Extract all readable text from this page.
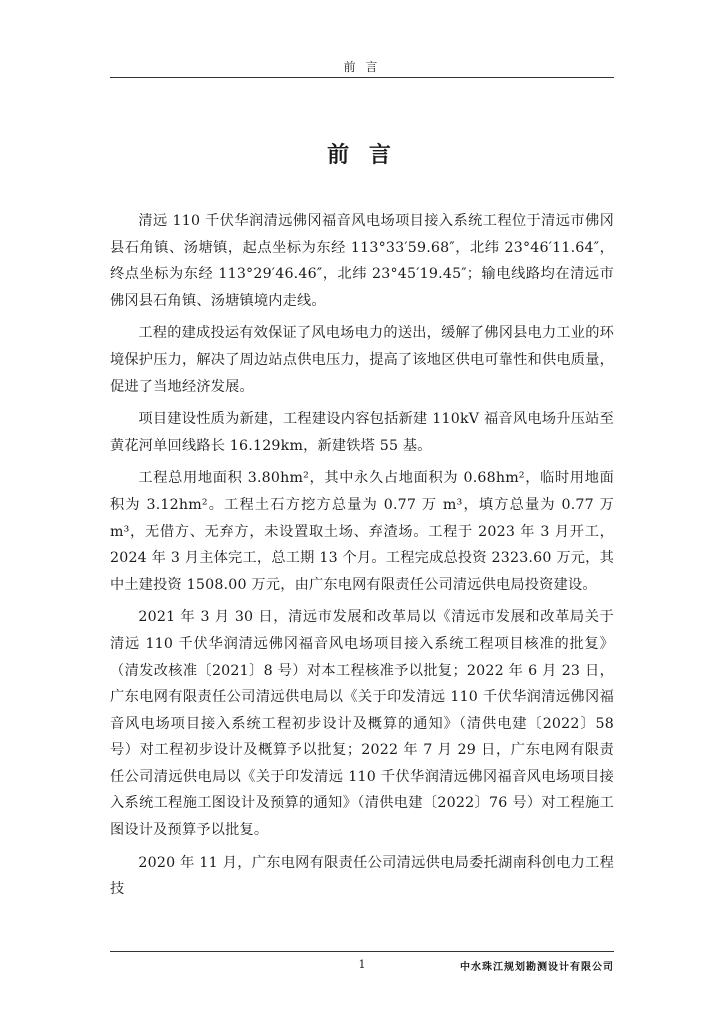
前 言
前 言

清远 110 千伏华润清远佛冈福音风电场项目接入系统工程位于清远市佛冈县石角镇、汤塘镇，起点坐标为东经 113°33′59.68″，北纬 23°46′11.64″，终点坐标为东经 113°29′46.46″，北纬 23°45′19.45″；输电线路均在清远市佛冈县石角镇、汤塘镇境内走线。

工程的建成投运有效保证了风电场电力的送出，缓解了佛冈县电力工业的环境保护压力，解决了周边站点供电压力，提高了该地区供电可靠性和供电质量，促进了当地经济发展。

项目建设性质为新建，工程建设内容包括新建 110kV 福音风电场升压站至黄花河单回线路长 16.129km，新建铁塔 55 基。

工程总用地面积 3.80hm²，其中永久占地面积为 0.68hm²，临时用地面积为 3.12hm²。工程土石方挖方总量为 0.77 万 m³，填方总量为 0.77 万 m³，无借方、无弃方，未设置取土场、弃渣场。工程于 2023 年 3 月开工，2024 年 3 月主体完工，总工期 13 个月。工程完成总投资 2323.60 万元，其中土建投资 1508.00 万元，由广东电网有限责任公司清远供电局投资建设。

2021 年 3 月 30 日，清远市发展和改革局以《清远市发展和改革局关于清远 110 千伏华润清远佛冈福音风电场项目接入系统工程项目核准的批复》（清发改核准〔2021〕8 号）对本工程核准予以批复；2022 年 6 月 23 日，广东电网有限责任公司清远供电局以《关于印发清远 110 千伏华润清远佛冈福音风电场项目接入系统工程初步设计及概算的通知》（清供电建〔2022〕58 号）对工程初步设计及概算予以批复；2022 年 7 月 29 日，广东电网有限责任公司清远供电局以《关于印发清远 110 千伏华润清远佛冈福音风电场项目接入系统工程施工图设计及预算的通知》（清供电建〔2022〕76 号）对工程施工图设计及预算予以批复。

2020 年 11 月，广东电网有限责任公司清远供电局委托湖南科创电力工程技

1	中水珠江规划勘测设计有限公司
